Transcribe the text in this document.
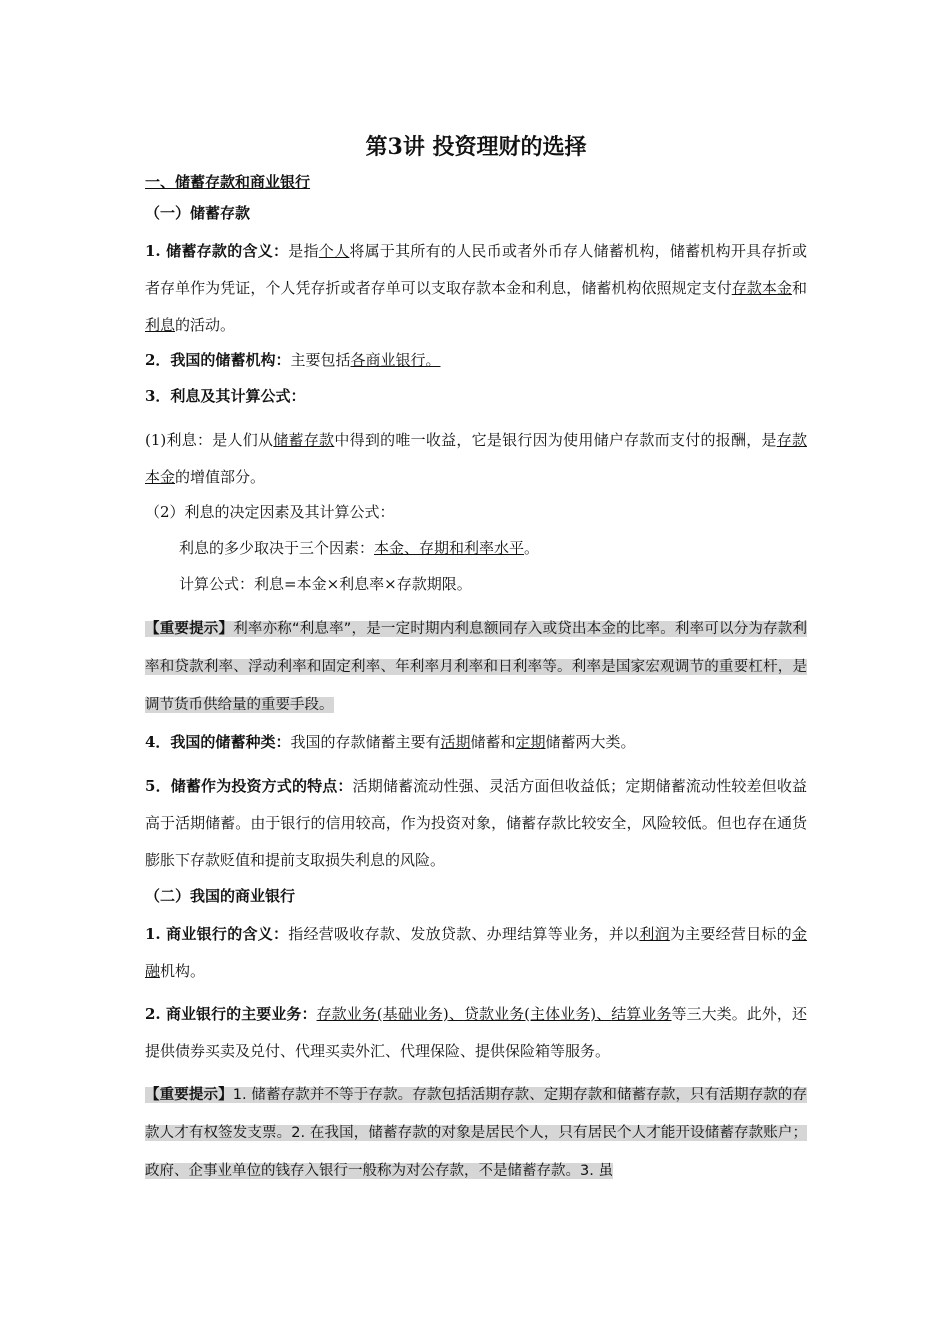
第3讲 投资理财的选择
一、储蓄存款和商业银行
（一）储蓄存款
1. 储蓄存款的含义：是指个人将属于其所有的人民币或者外币存人储蓄机构，储蓄机构开具存折或者存单作为凭证，个人凭存折或者存单可以支取存款本金和利息，储蓄机构依照规定支付存款本金和利息的活动。
2．我国的储蓄机构：主要包括各商业银行。
3．利息及其计算公式：
(1)利息：是人们从储蓄存款中得到的唯一收益，它是银行因为使用储户存款而支付的报酬，是存款本金的增值部分。
（2）利息的决定因素及其计算公式：
利息的多少取决于三个因素：本金、存期和利率水平。
计算公式：利息=本金×利息率×存款期限。
【重要提示】利率亦称“利息率”，是一定时期内利息额同存入或贷出本金的比率。利率可以分为存款利率和贷款利率、浮动利率和固定利率、年利率月利率和日利率等。利率是国家宏观调节的重要杠杆，是调节货币供给量的重要手段。
4．我国的储蓄种类：我国的存款储蓄主要有活期储蓄和定期储蓄两大类。
5．储蓄作为投资方式的特点：活期储蓄流动性强、灵活方面但收益低；定期储蓄流动性较差但收益高于活期储蓄。由于银行的信用较高，作为投资对象，储蓄存款比较安全，风险较低。但也存在通货膨胀下存款贬值和提前支取损失利息的风险。
（二）我国的商业银行
1. 商业银行的含义：指经营吸收存款、发放贷款、办理结算等业务，并以利润为主要经营目标的金融机构。
2. 商业银行的主要业务：存款业务(基础业务)、贷款业务(主体业务)、结算业务等三大类。此外，还提供债券买卖及兑付、代理买卖外汇、代理保险、提供保险箱等服务。
【重要提示】1. 储蓄存款并不等于存款。存款包括活期存款、定期存款和储蓄存款，只有活期存款的存款人才有权签发支票。2. 在我国，储蓄存款的对象是居民个人，只有居民个人才能开设储蓄存款账户；政府、企事业单位的钱存入银行一般称为对公存款，不是储蓄存款。3. 虽
